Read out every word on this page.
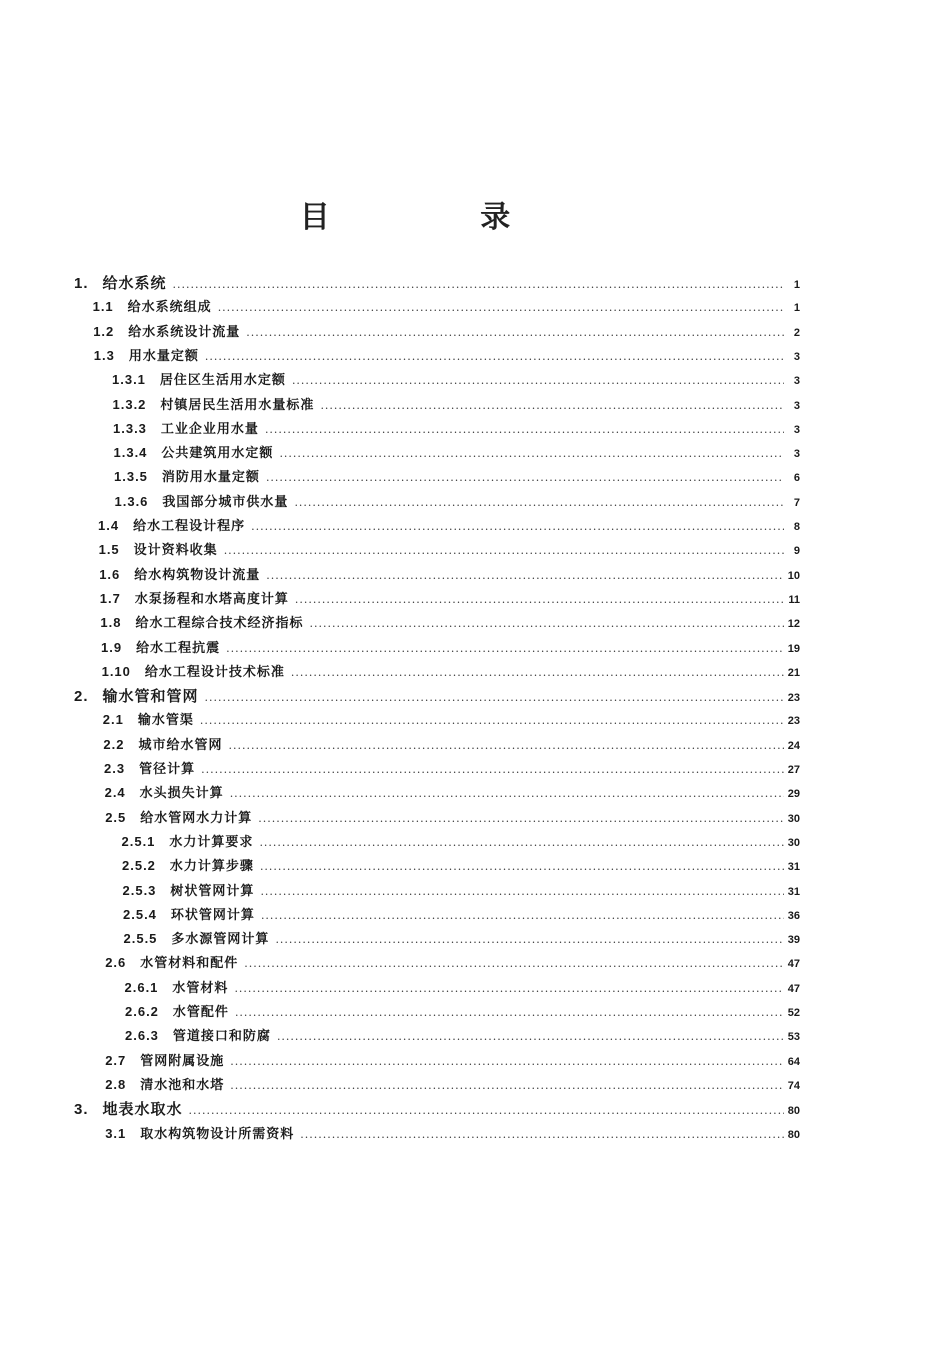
目 录
1. 给水系统 .....	1
1.1 给水系统组成 .....	1
1.2 给水系统设计流量 .....	2
1.3 用水量定额 .....	3
1.3.1 居住区生活用水定额 .....	3
1.3.2 村镇居民生活用水量标准 .....	3
1.3.3 工业企业用水量 .....	3
1.3.4 公共建筑用水定额 .....	3
1.3.5 消防用水量定额 .....	6
1.3.6 我国部分城市供水量 .....	7
1.4 给水工程设计程序 .....	8
1.5 设计资料收集 .....	9
1.6 给水构筑物设计流量 .....	10
1.7 水泵扬程和水塔高度计算 .....	11
1.8 给水工程综合技术经济指标 .....	12
1.9 给水工程抗震 .....	19
1.10 给水工程设计技术标准 .....	21
2. 输水管和管网 .....	23
2.1 输水管渠 .....	23
2.2 城市给水管网 .....	24
2.3 管径计算 .....	27
2.4 水头损失计算 .....	29
2.5 给水管网水力计算 .....	30
2.5.1 水力计算要求 .....	30
2.5.2 水力计算步骤 .....	31
2.5.3 树状管网计算 .....	31
2.5.4 环状管网计算 .....	36
2.5.5 多水源管网计算 .....	39
2.6 水管材料和配件 .....	47
2.6.1 水管材料 .....	47
2.6.2 水管配件 .....	52
2.6.3 管道接口和防腐 .....	53
2.7 管网附属设施 .....	64
2.8 清水池和水塔 .....	74
3. 地表水取水 .....	80
3.1 取水构筑物设计所需资料 .....	80
